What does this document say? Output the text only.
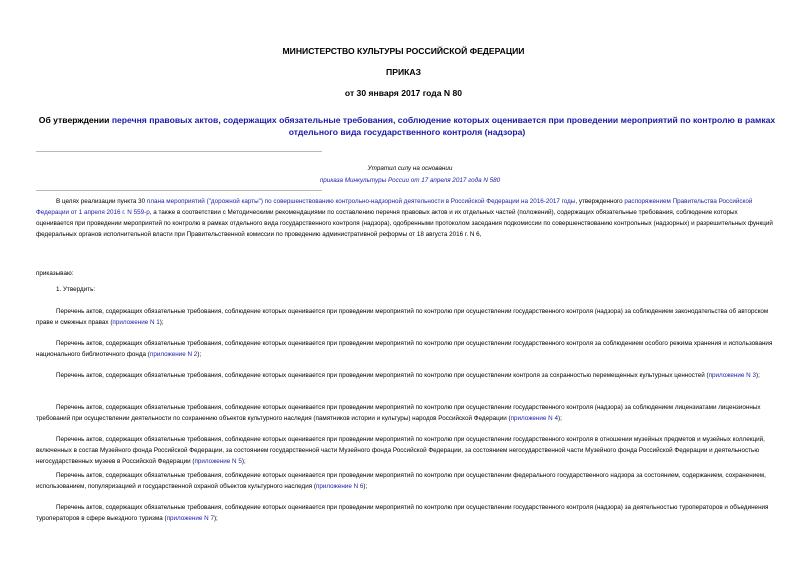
МИНИСТЕРСТВО КУЛЬТУРЫ РОССИЙСКОЙ ФЕДЕРАЦИИ
ПРИКАЗ
от 30 января 2017 года N 80
Об утверждении перечня правовых актов, содержащих обязательные требования, соблюдение которых оценивается при проведении мероприятий по контролю в рамках отдельного вида государственного контроля (надзора)
Утратил силу на основании
приказа Минкультуры России от 17 апреля 2017 года N 580
В целях реализации пункта 30 плана мероприятий ("дорожной карты") по совершенствованию контрольно-надзорной деятельности в Российской Федерации на 2016-2017 годы, утвержденного распоряжением Правительства Российской Федерации от 1 апреля 2016 г. N 559-р, а также в соответствии с Методическими рекомендациями по составлению перечня правовых актов и их отдельных частей (положений), содержащих обязательные требования, соблюдение которых оценивается при проведении мероприятий по контролю в рамках отдельного вида государственного контроля (надзора), одобренными протоколом заседания подкомиссии по совершенствованию контрольных (надзорных) и разрешительных функций федеральных органов исполнительной власти при Правительственной комиссии по проведению административной реформы от 18 августа 2016 г. N 6,
приказываю:
1. Утвердить:
Перечень актов, содержащих обязательные требования, соблюдение которых оценивается при проведении мероприятий по контролю при осуществлении государственного контроля (надзора) за соблюдением законодательства об авторском праве и смежных правах (приложение N 1);
Перечень актов, содержащих обязательные требования, соблюдение которых оценивается при проведении мероприятий по контролю при осуществлении государственного контроля за соблюдением особого режима хранения и использования национального библиотечного фонда (приложение N 2);
Перечень актов, содержащих обязательные требования, соблюдение которых оценивается при проведении мероприятий по контролю при осуществлении контроля за сохранностью перемещенных культурных ценностей (приложение N 3);
Перечень актов, содержащих обязательные требования, соблюдение которых оценивается при проведении мероприятий по контролю при осуществлении государственного контроля (надзора) за соблюдением лицензиатами лицензионных требований при осуществлении деятельности по сохранению объектов культурного наследия (памятников истории и культуры) народов Российской Федерации (приложение N 4);
Перечень актов, содержащих обязательные требования, соблюдение которых оценивается при проведении мероприятий по контролю при осуществлении государственного контроля в отношении музейных предметов и музейных коллекций, включенных в состав Музейного фонда Российской Федерации, за состоянием государственной части Музейного фонда Российской Федерации, за состоянием негосударственной части Музейного фонда Российской Федерации и деятельностью негосударственных музеев в Российской Федерации (приложение N 5);
Перечень актов, содержащих обязательные требования, соблюдение которых оценивается при проведении мероприятий по контролю при осуществлении федерального государственного надзора за состоянием, содержанием, сохранением, использованием, популяризацией и государственной охраной объектов культурного наследия (приложение N 6);
Перечень актов, содержащих обязательные требования, соблюдение которых оценивается при проведении мероприятий по контролю при осуществлении государственного контроля (надзора) за деятельностью туроператоров и объединения туроператоров в сфере выездного туризма (приложение N 7);
